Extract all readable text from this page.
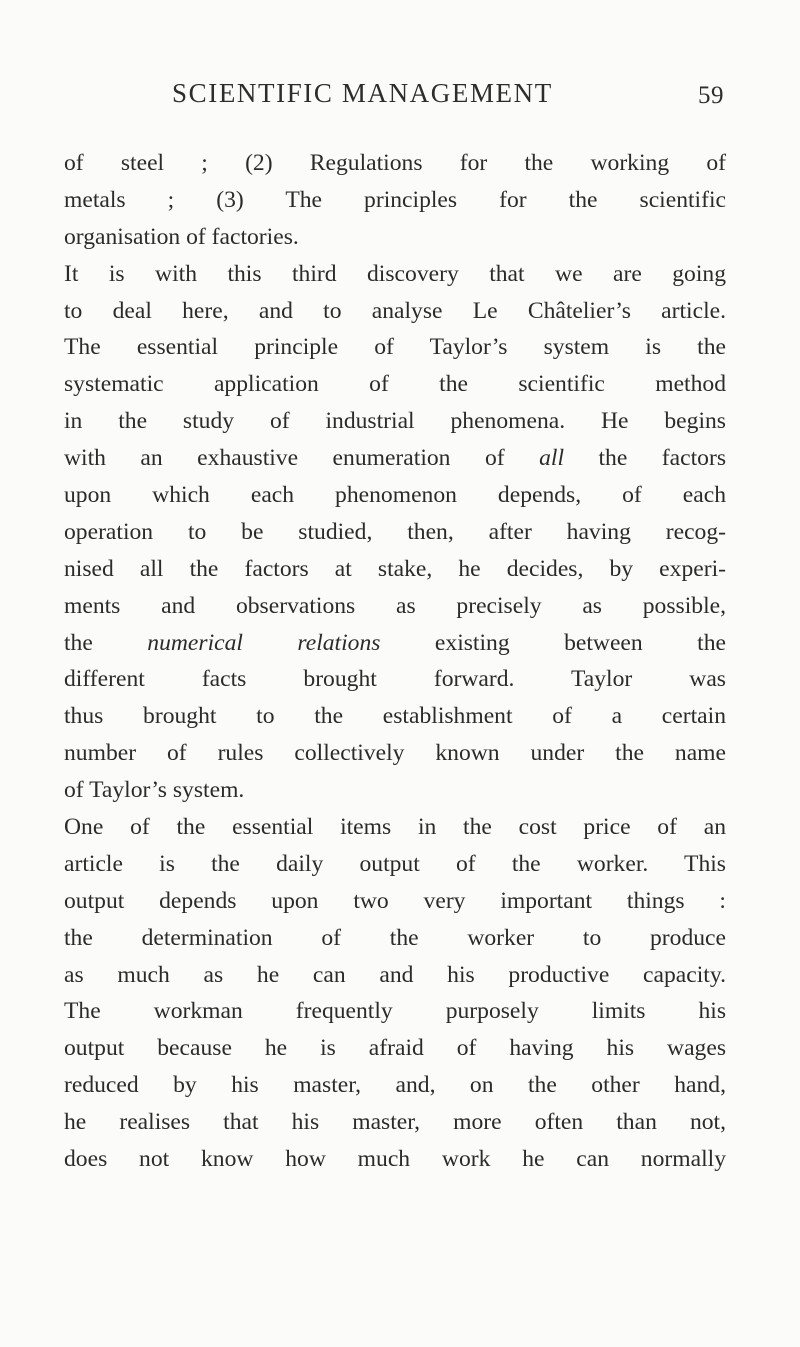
SCIENTIFIC MANAGEMENT	59
of steel ; (2) Regulations for the working of
metals ; (3) The principles for the scientific
organisation of factories.
It is with this third discovery that we are going
to deal here, and to analyse Le Châtelier’s article.
The essential principle of Taylor’s system is the
systematic application of the scientific method
in the study of industrial phenomena. He begins
with an exhaustive enumeration of all the factors
upon which each phenomenon depends, of each
operation to be studied, then, after having recog-
nised all the factors at stake, he decides, by experi-
ments and observations as precisely as possible,
the numerical relations existing between the
different facts brought forward. Taylor was
thus brought to the establishment of a certain
number of rules collectively known under the name
of Taylor’s system.
One of the essential items in the cost price of an
article is the daily output of the worker. This
output depends upon two very important things :
the determination of the worker to produce
as much as he can and his productive capacity.
The workman frequently purposely limits his
output because he is afraid of having his wages
reduced by his master, and, on the other hand,
he realises that his master, more often than not,
does not know how much work he can normally
